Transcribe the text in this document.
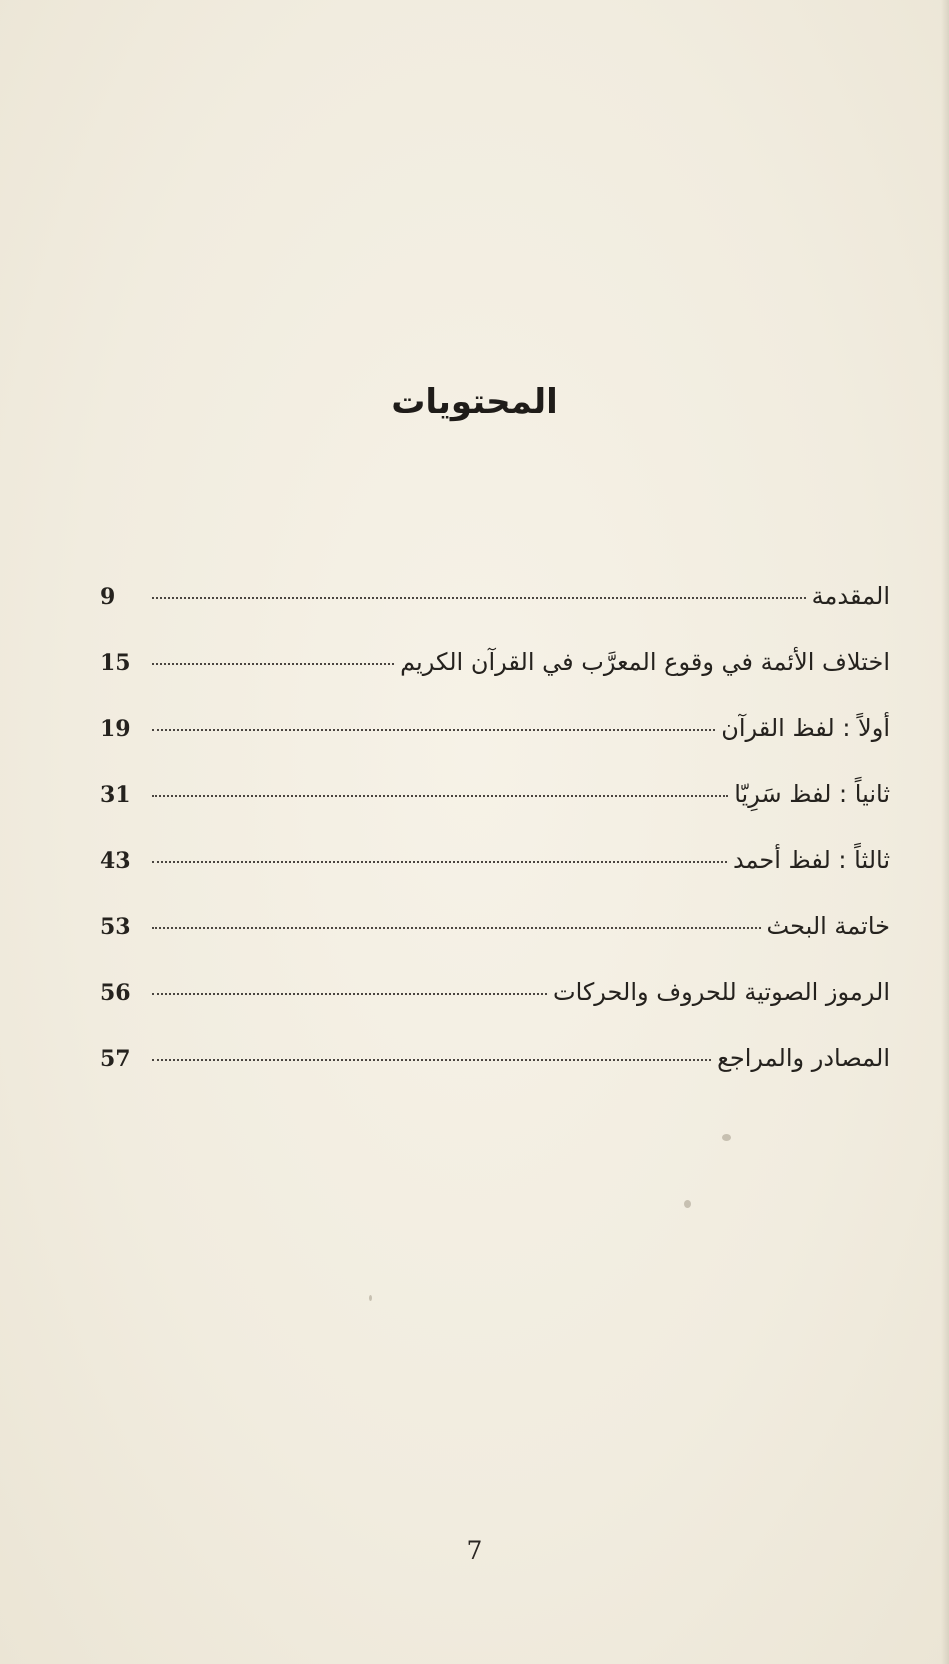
المحتويات
المقدمة
9
اختلاف الأئمة في وقوع المعرَّب في القرآن الكريم
15
أولاً : لفظ القرآن
19
ثانياً : لفظ سَرِيّا
31
ثالثاً : لفظ أحمد
43
خاتمة البحث
53
الرموز الصوتية للحروف والحركات
56
المصادر والمراجع
57
7
